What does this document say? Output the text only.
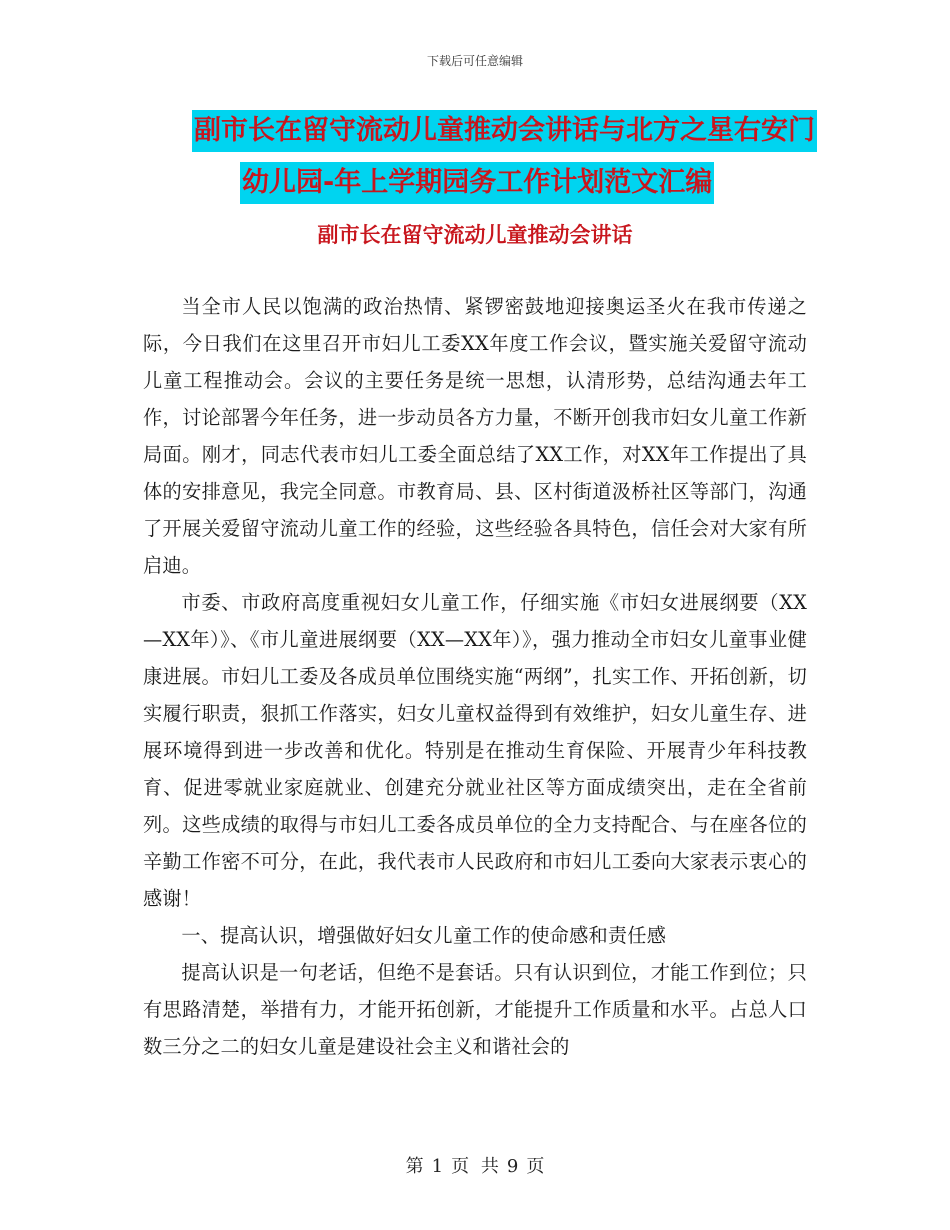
下载后可任意编辑
副市长在留守流动儿童推动会讲话与北方之星右安门 幼儿园-年上学期园务工作计划范文汇编
副市长在留守流动儿童推动会讲话

当全市人民以饱满的政治热情、紧锣密鼓地迎接奥运圣火在我市传递之际，今日我们在这里召开市妇儿工委XX年度工作会议，暨实施关爱留守流动儿童工程推动会。会议的主要任务是统一思想，认清形势，总结沟通去年工作，讨论部署今年任务，进一步动员各方力量，不断开创我市妇女儿童工作新局面。刚才，同志代表市妇儿工委全面总结了XX工作，对XX年工作提出了具体的安排意见，我完全同意。市教育局、县、区村街道汲桥社区等部门，沟通了开展关爱留守流动儿童工作的经验，这些经验各具特色，信任会对大家有所启迪。

市委、市政府高度重视妇女儿童工作，仔细实施《市妇女进展纲要（XX—XX年）》、《市儿童进展纲要（XX—XX年）》，强力推动全市妇女儿童事业健康进展。市妇儿工委及各成员单位围绕实施“两纲”，扎实工作、开拓创新，切实履行职责，狠抓工作落实，妇女儿童权益得到有效维护，妇女儿童生存、进展环境得到进一步改善和优化。特别是在推动生育保险、开展青少年科技教育、促进零就业家庭就业、创建充分就业社区等方面成绩突出，走在全省前列。这些成绩的取得与市妇儿工委各成员单位的全力支持配合、与在座各位的辛勤工作密不可分，在此，我代表市人民政府和市妇儿工委向大家表示衷心的感谢！

一、提高认识，增强做好妇女儿童工作的使命感和责任感

提高认识是一句老话，但绝不是套话。只有认识到位，才能工作到位；只有思路清楚，举措有力，才能开拓创新，才能提升工作质量和水平。占总人口数三分之二的妇女儿童是建设社会主义和谐社会的

第 1 页 共 9 页
